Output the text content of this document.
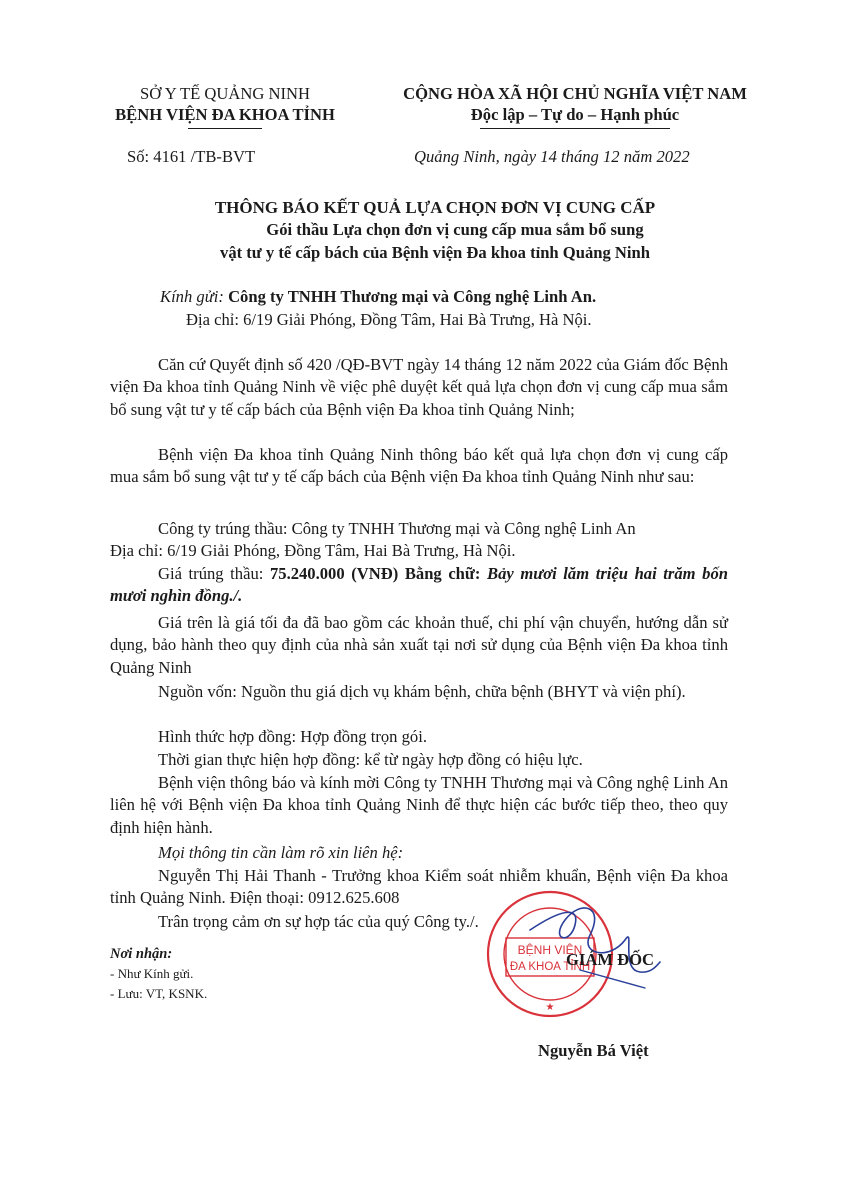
SỞ Y TẾ QUẢNG NINH
BỆNH VIỆN ĐA KHOA TỈNH
CỘNG HÒA XÃ HỘI CHỦ NGHĨA VIỆT NAM
Độc lập – Tự do – Hạnh phúc
Số: 4161 /TB-BVT	Quảng Ninh, ngày 14 tháng 12 năm 2022
THÔNG BÁO KẾT QUẢ LỰA CHỌN ĐƠN VỊ CUNG CẤP
Gói thầu Lựa chọn đơn vị cung cấp mua sắm bổ sung
vật tư y tế cấp bách của Bệnh viện Đa khoa tỉnh Quảng Ninh
Kính gửi: Công ty TNHH Thương mại và Công nghệ Linh An.
Địa chỉ: 6/19 Giải Phóng, Đồng Tâm, Hai Bà Trưng, Hà Nội.
Căn cứ Quyết định số 420 /QĐ-BVT ngày 14 tháng 12 năm 2022 của Giám đốc Bệnh viện Đa khoa tỉnh Quảng Ninh về việc phê duyệt kết quả lựa chọn đơn vị cung cấp mua sắm bổ sung vật tư y tế cấp bách của Bệnh viện Đa khoa tỉnh Quảng Ninh;
Bệnh viện Đa khoa tỉnh Quảng Ninh thông báo kết quả lựa chọn đơn vị cung cấp mua sắm bổ sung vật tư y tế cấp bách của Bệnh viện Đa khoa tỉnh Quảng Ninh như sau:
Công ty trúng thầu: Công ty TNHH Thương mại và Công nghệ Linh An
Địa chỉ: 6/19 Giải Phóng, Đồng Tâm, Hai Bà Trưng, Hà Nội.
Giá trúng thầu: 75.240.000 (VNĐ) Bằng chữ: Bảy mươi lăm triệu hai trăm bốn mươi nghìn đồng./.
Giá trên là giá tối đa đã bao gồm các khoản thuế, chi phí vận chuyển, hướng dẫn sử dụng, bảo hành theo quy định của nhà sản xuất tại nơi sử dụng của Bệnh viện Đa khoa tỉnh Quảng Ninh
Nguồn vốn: Nguồn thu giá dịch vụ khám bệnh, chữa bệnh (BHYT và viện phí).
Hình thức hợp đồng: Hợp đồng trọn gói.
Thời gian thực hiện hợp đồng: kể từ ngày hợp đồng có hiệu lực.
Bệnh viện thông báo và kính mời Công ty TNHH Thương mại và Công nghệ Linh An liên hệ với Bệnh viện Đa khoa tỉnh Quảng Ninh để thực hiện các bước tiếp theo, theo quy định hiện hành.
Mọi thông tin cần làm rõ xin liên hệ:
Nguyễn Thị Hải Thanh - Trưởng khoa Kiểm soát nhiễm khuẩn, Bệnh viện Đa khoa tỉnh Quảng Ninh. Điện thoại: 0912.625.608
Trân trọng cảm ơn sự hợp tác của quý Công ty./.
Nơi nhận:
- Như Kính gửi.
- Lưu: VT, KSNK.
BỆNH VIỆN
ĐA KHOA TỈNH
★
GIÁM ĐỐC
Nguyễn Bá Việt
